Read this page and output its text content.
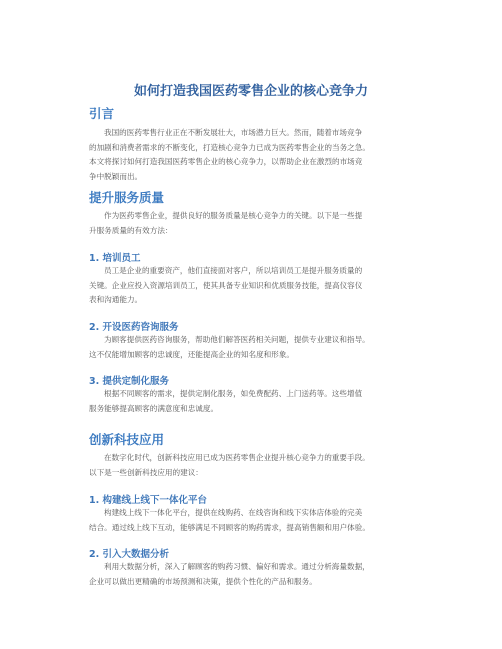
如何打造我国医药零售企业的核心竞争力
引言
我国的医药零售行业正在不断发展壮大，市场潜力巨大。然而，随着市场竞争
的加剧和消费者需求的不断变化，打造核心竞争力已成为医药零售企业的当务之急。
本文将探讨如何打造我国医药零售企业的核心竞争力，以帮助企业在激烈的市场竞
争中脱颖而出。
提升服务质量
作为医药零售企业，提供良好的服务质量是核心竞争力的关键。以下是一些提
升服务质量的有效方法：
1. 培训员工
员工是企业的重要资产，他们直接面对客户，所以培训员工是提升服务质量的
关键。企业应投入资源培训员工，使其具备专业知识和优质服务技能，提高仪容仪
表和沟通能力。
2. 开设医药咨询服务
为顾客提供医药咨询服务，帮助他们解答医药相关问题，提供专业建议和指导。
这不仅能增加顾客的忠诚度，还能提高企业的知名度和形象。
3. 提供定制化服务
根据不同顾客的需求，提供定制化服务，如免费配药、上门送药等。这些增值
服务能够提高顾客的满意度和忠诚度。
创新科技应用
在数字化时代，创新科技应用已成为医药零售企业提升核心竞争力的重要手段。
以下是一些创新科技应用的建议：
1. 构建线上线下一体化平台
构建线上线下一体化平台，提供在线购药、在线咨询和线下实体店体验的完美
结合。通过线上线下互动，能够满足不同顾客的购药需求，提高销售额和用户体验。
2. 引入大数据分析
利用大数据分析，深入了解顾客的购药习惯、偏好和需求。通过分析海量数据，
企业可以做出更精确的市场预测和决策，提供个性化的产品和服务。
